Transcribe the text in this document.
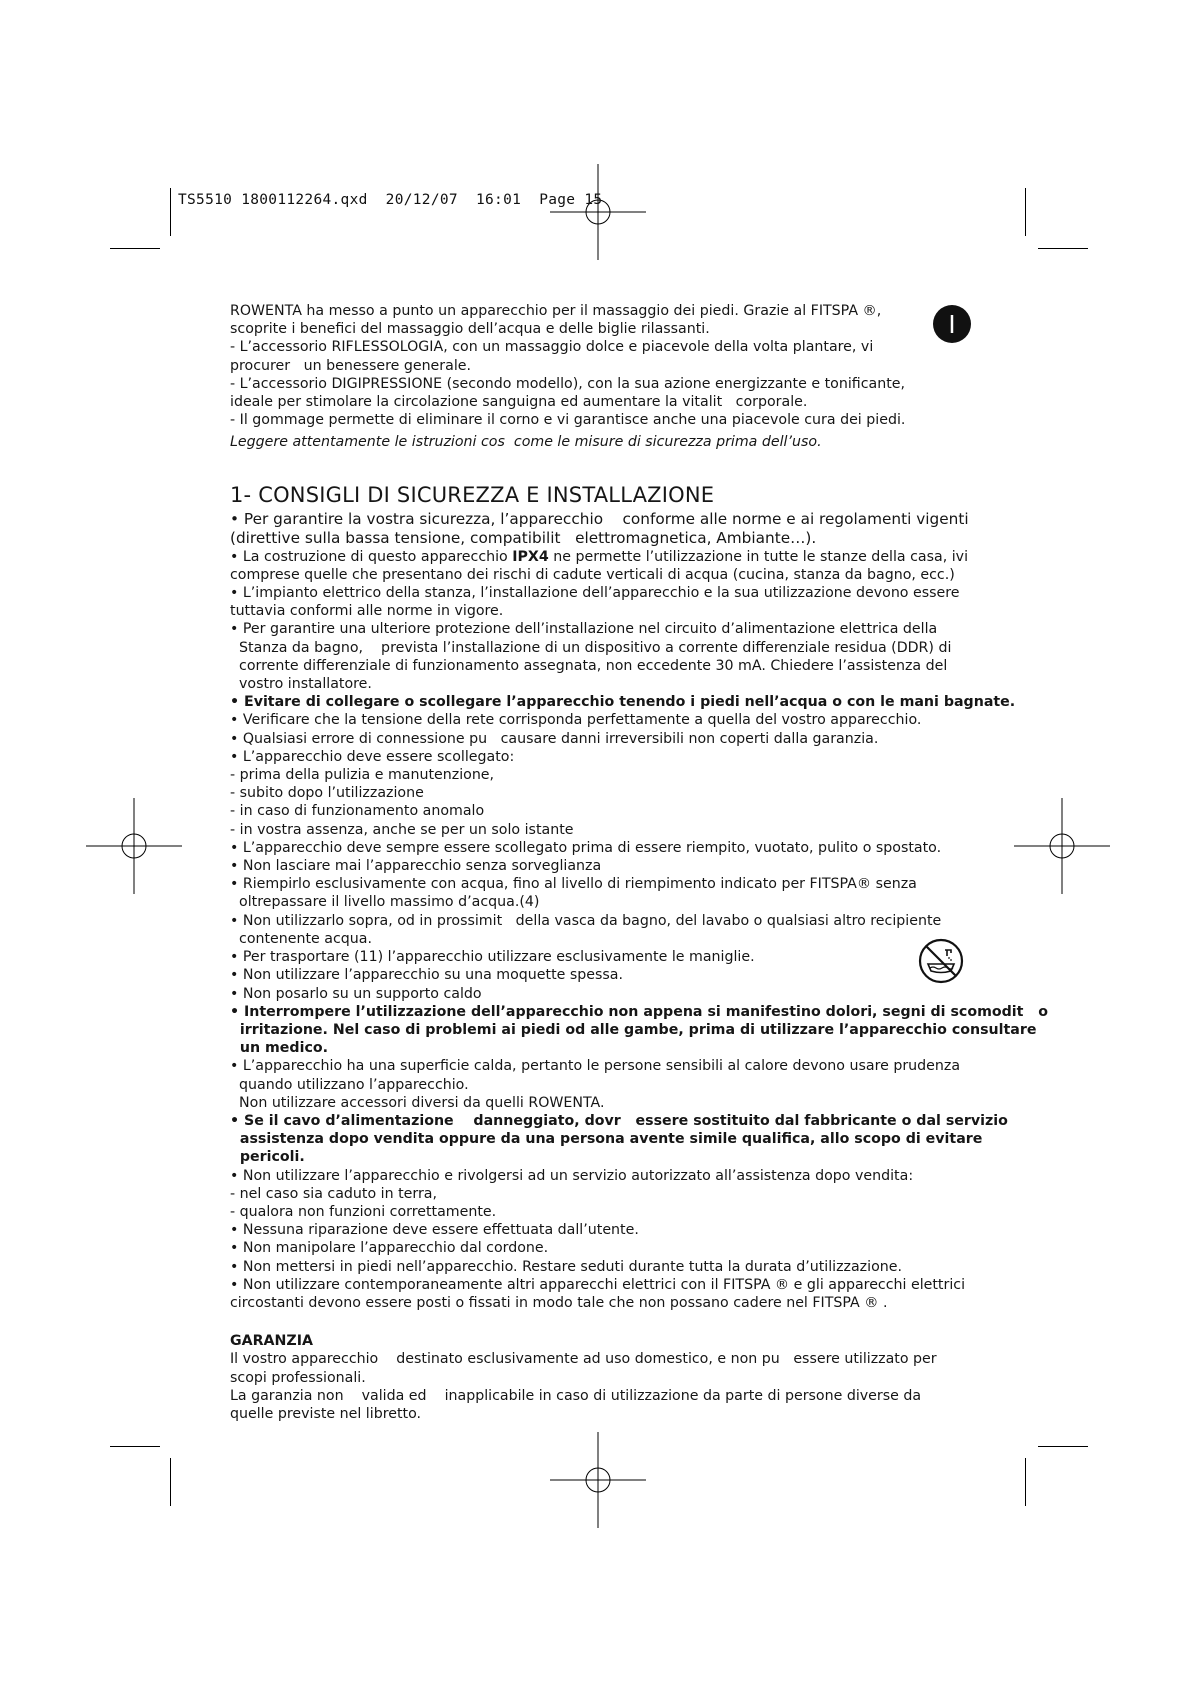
TS5510 1800112264.qxd  20/12/07  16:01  Page 15
I

ROWENTA ha messo a punto un apparecchio per il massaggio dei piedi. Grazie al FITSPA ®,

scoprite i benefici del massaggio dell’acqua e delle biglie rilassanti.

- L’accessorio RIFLESSOLOGIA, con un massaggio dolce e piacevole della volta plantare, vi

procurer   un benessere generale.

- L’accessorio DIGIPRESSIONE (secondo modello), con la sua azione energizzante e tonificante,

ideale per stimolare la circolazione sanguigna ed aumentare la vitalit   corporale.

- Il gommage permette di eliminare il corno e vi garantisce anche una piacevole cura dei piedi.

Leggere attentamente le istruzioni cos  come le misure di sicurezza prima dell’uso.

1- CONSIGLI DI SICUREZZA E INSTALLAZIONE

• Per garantire la vostra sicurezza, l’apparecchio    conforme alle norme e ai regolamenti vigenti

(direttive sulla bassa tensione, compatibilit   elettromagnetica, Ambiante…).

• La costruzione di questo apparecchio IPX4 ne permette l’utilizzazione in tutte le stanze della casa, ivi

comprese quelle che presentano dei rischi di cadute verticali di acqua (cucina, stanza da bagno, ecc.)

• L’impianto elettrico della stanza, l’installazione dell’apparecchio e la sua utilizzazione devono essere

tuttavia conformi alle norme in vigore.

• Per garantire una ulteriore protezione dell’installazione nel circuito d’alimentazione elettrica della

Stanza da bagno,    prevista l’installazione di un dispositivo a corrente differenziale residua (DDR) di

corrente differenziale di funzionamento assegnata, non eccedente 30 mA. Chiedere l’assistenza del

vostro installatore.

• Evitare di collegare o scollegare l’apparecchio tenendo i piedi nell’acqua o con le mani bagnate.

• Verificare che la tensione della rete corrisponda perfettamente a quella del vostro apparecchio.

• Qualsiasi errore di connessione pu   causare danni irreversibili non coperti dalla garanzia.

• L’apparecchio deve essere scollegato:

- prima della pulizia e manutenzione,

- subito dopo l’utilizzazione

- in caso di funzionamento anomalo

- in vostra assenza, anche se per un solo istante

• L’apparecchio deve sempre essere scollegato prima di essere riempito, vuotato, pulito o spostato.

• Non lasciare mai l’apparecchio senza sorveglianza

• Riempirlo esclusivamente con acqua, fino al livello di riempimento indicato per FITSPA® senza

oltrepassare il livello massimo d’acqua.(4)

• Non utilizzarlo sopra, od in prossimit   della vasca da bagno, del lavabo o qualsiasi altro recipiente

contenente acqua.

• Per trasportare (11) l’apparecchio utilizzare esclusivamente le maniglie.

• Non utilizzare l’apparecchio su una moquette spessa.

• Non posarlo su un supporto caldo

• Interrompere l’utilizzazione dell’apparecchio non appena si manifestino dolori, segni di scomodit   o

irritazione. Nel caso di problemi ai piedi od alle gambe, prima di utilizzare l’apparecchio consultare

un medico.

• L’apparecchio ha una superficie calda, pertanto le persone sensibili al calore devono usare prudenza

quando utilizzano l’apparecchio.

Non utilizzare accessori diversi da quelli ROWENTA.

• Se il cavo d’alimentazione    danneggiato, dovr   essere sostituito dal fabbricante o dal servizio

assistenza dopo vendita oppure da una persona avente simile qualifica, allo scopo di evitare

pericoli.

• Non utilizzare l’apparecchio e rivolgersi ad un servizio autorizzato all’assistenza dopo vendita:

- nel caso sia caduto in terra,

- qualora non funzioni correttamente.

• Nessuna riparazione deve essere effettuata dall’utente.

• Non manipolare l’apparecchio dal cordone.

• Non mettersi in piedi nell’apparecchio. Restare seduti durante tutta la durata d’utilizzazione.

• Non utilizzare contemporaneamente altri apparecchi elettrici con il FITSPA ® e gli apparecchi elettrici

circostanti devono essere posti o fissati in modo tale che non possano cadere nel FITSPA ® .

GARANZIA

Il vostro apparecchio    destinato esclusivamente ad uso domestico, e non pu   essere utilizzato per

scopi professionali.

La garanzia non    valida ed    inapplicabile in caso di utilizzazione da parte di persone diverse da

quelle previste nel libretto.
